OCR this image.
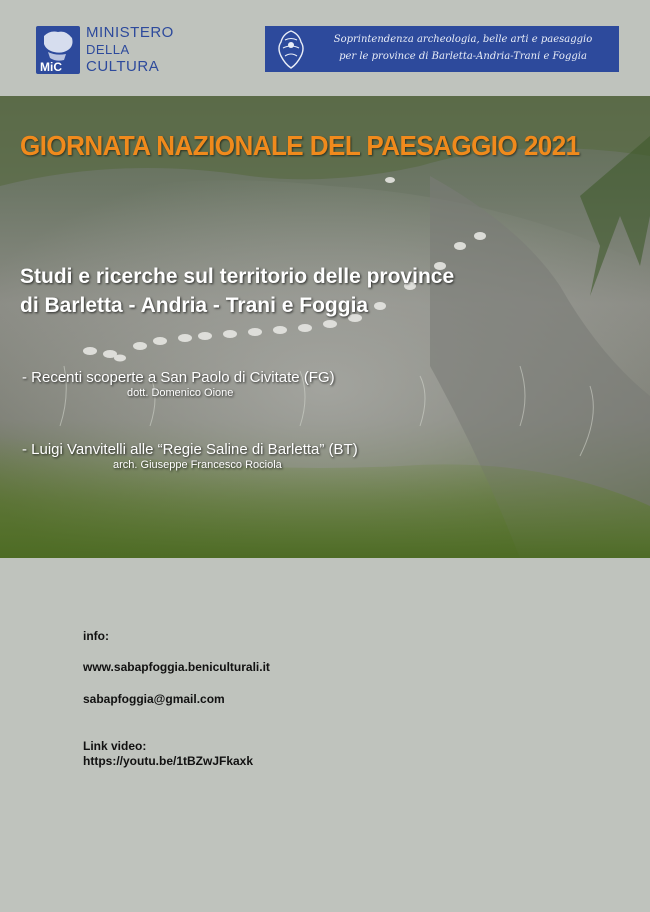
MiC
MINISTERO
DELLA
CULTURA
Soprintendenza archeologia, belle arti e paesaggio
per le province di Barletta-Andria-Trani e Foggia
GIORNATA NAZIONALE DEL PAESAGGIO 2021
Studi e ricerche sul territorio delle province
di Barletta - Andria - Trani e Foggia
- Recenti scoperte a San Paolo di Civitate (FG)
dott. Domenico Oione
- Luigi Vanvitelli alle “Regie Saline di Barletta” (BT)
arch. Giuseppe Francesco Rociola
info:
www.sabapfoggia.beniculturali.it
sabapfoggia@gmail.com
Link video:
https://youtu.be/1tBZwJFkaxk
